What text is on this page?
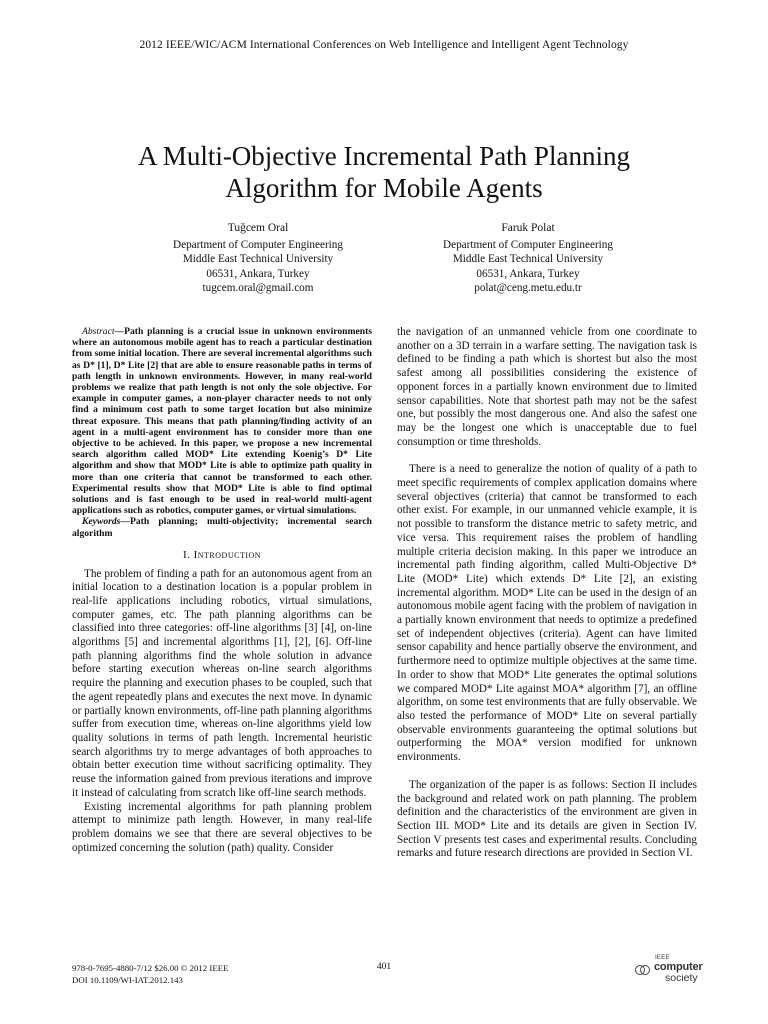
2012 IEEE/WIC/ACM International Conferences on Web Intelligence and Intelligent Agent Technology
A Multi-Objective Incremental Path Planning
Algorithm for Mobile Agents
Tuğcem Oral
Department of Computer Engineering
Middle East Technical University
06531, Ankara, Turkey
tugcem.oral@gmail.com
Faruk Polat
Department of Computer Engineering
Middle East Technical University
06531, Ankara, Turkey
polat@ceng.metu.edu.tr

Abstract—Path planning is a crucial issue in unknown environments where an autonomous mobile agent has to reach a particular destination from some initial location. There are several incremental algorithms such as D* [1], D* Lite [2] that are able to ensure reasonable paths in terms of path length in unknown environments. However, in many real-world problems we realize that path length is not only the sole objective. For example in computer games, a non-player character needs to not only find a minimum cost path to some target location but also minimize threat exposure. This means that path planning/finding activity of an agent in a multi-agent environment has to consider more than one objective to be achieved. In this paper, we propose a new incremental search algorithm called MOD* Lite extending Koenig’s D* Lite algorithm and show that MOD* Lite is able to optimize path quality in more than one criteria that cannot be transformed to each other. Experimental results show that MOD* Lite is able to find optimal solutions and is fast enough to be used in real-world multi-agent applications such as robotics, computer games, or virtual simulations.

Keywords—Path planning; multi-objectivity; incremental search algorithm

I. Introduction

The problem of finding a path for an autonomous agent from an initial location to a destination location is a popular problem in real-life applications including robotics, virtual simulations, computer games, etc. The path planning algorithms can be classified into three categories: off-line algorithms [3] [4], on-line algorithms [5] and incremental algorithms [1], [2], [6]. Off-line path planning algorithms find the whole solution in advance before starting execution whereas on-line search algorithms require the planning and execution phases to be coupled, such that the agent repeatedly plans and executes the next move. In dynamic or partially known environments, off-line path planning algorithms suffer from execution time, whereas on-line algorithms yield low quality solutions in terms of path length. Incremental heuristic search algorithms try to merge advantages of both approaches to obtain better execution time without sacrificing optimality. They reuse the information gained from previous iterations and improve it instead of calculating from scratch like off-line search methods.

Existing incremental algorithms for path planning problem attempt to minimize path length. However, in many real-life problem domains we see that there are several objectives to be optimized concerning the solution (path) quality. Consider

the navigation of an unmanned vehicle from one coordinate to another on a 3D terrain in a warfare setting. The navigation task is defined to be finding a path which is shortest but also the most safest among all possibilities considering the existence of opponent forces in a partially known environment due to limited sensor capabilities. Note that shortest path may not be the safest one, but possibly the most dangerous one. And also the safest one may be the longest one which is unacceptable due to fuel consumption or time thresholds.

There is a need to generalize the notion of quality of a path to meet specific requirements of complex application domains where several objectives (criteria) that cannot be transformed to each other exist. For example, in our unmanned vehicle example, it is not possible to transform the distance metric to safety metric, and vice versa. This requirement raises the problem of handling multiple criteria decision making. In this paper we introduce an incremental path finding algorithm, called Multi-Objective D* Lite (MOD* Lite) which extends D* Lite [2], an existing incremental algorithm. MOD* Lite can be used in the design of an autonomous mobile agent facing with the problem of navigation in a partially known environment that needs to optimize a predefined set of independent objectives (criteria). Agent can have limited sensor capability and hence partially observe the environment, and furthermore need to optimize multiple objectives at the same time. In order to show that MOD* Lite generates the optimal solutions we compared MOD* Lite against MOA* algorithm [7], an offline algorithm, on some test environments that are fully observable. We also tested the performance of MOD* Lite on several partially observable environments guaranteeing the optimal solutions but outperforming the MOA* version modified for unknown environments.

The organization of the paper is as follows: Section II includes the background and related work on path planning. The problem definition and the characteristics of the environment are given in Section III. MOD* Lite and its details are given in Section IV. Section V presents test cases and experimental results. Concluding remarks and future research directions are provided in Section VI.

978-0-7695-4880-7/12 $26.00 © 2012 IEEE
DOI 10.1109/WI-IAT.2012.143
401
IEEE
computer
society
